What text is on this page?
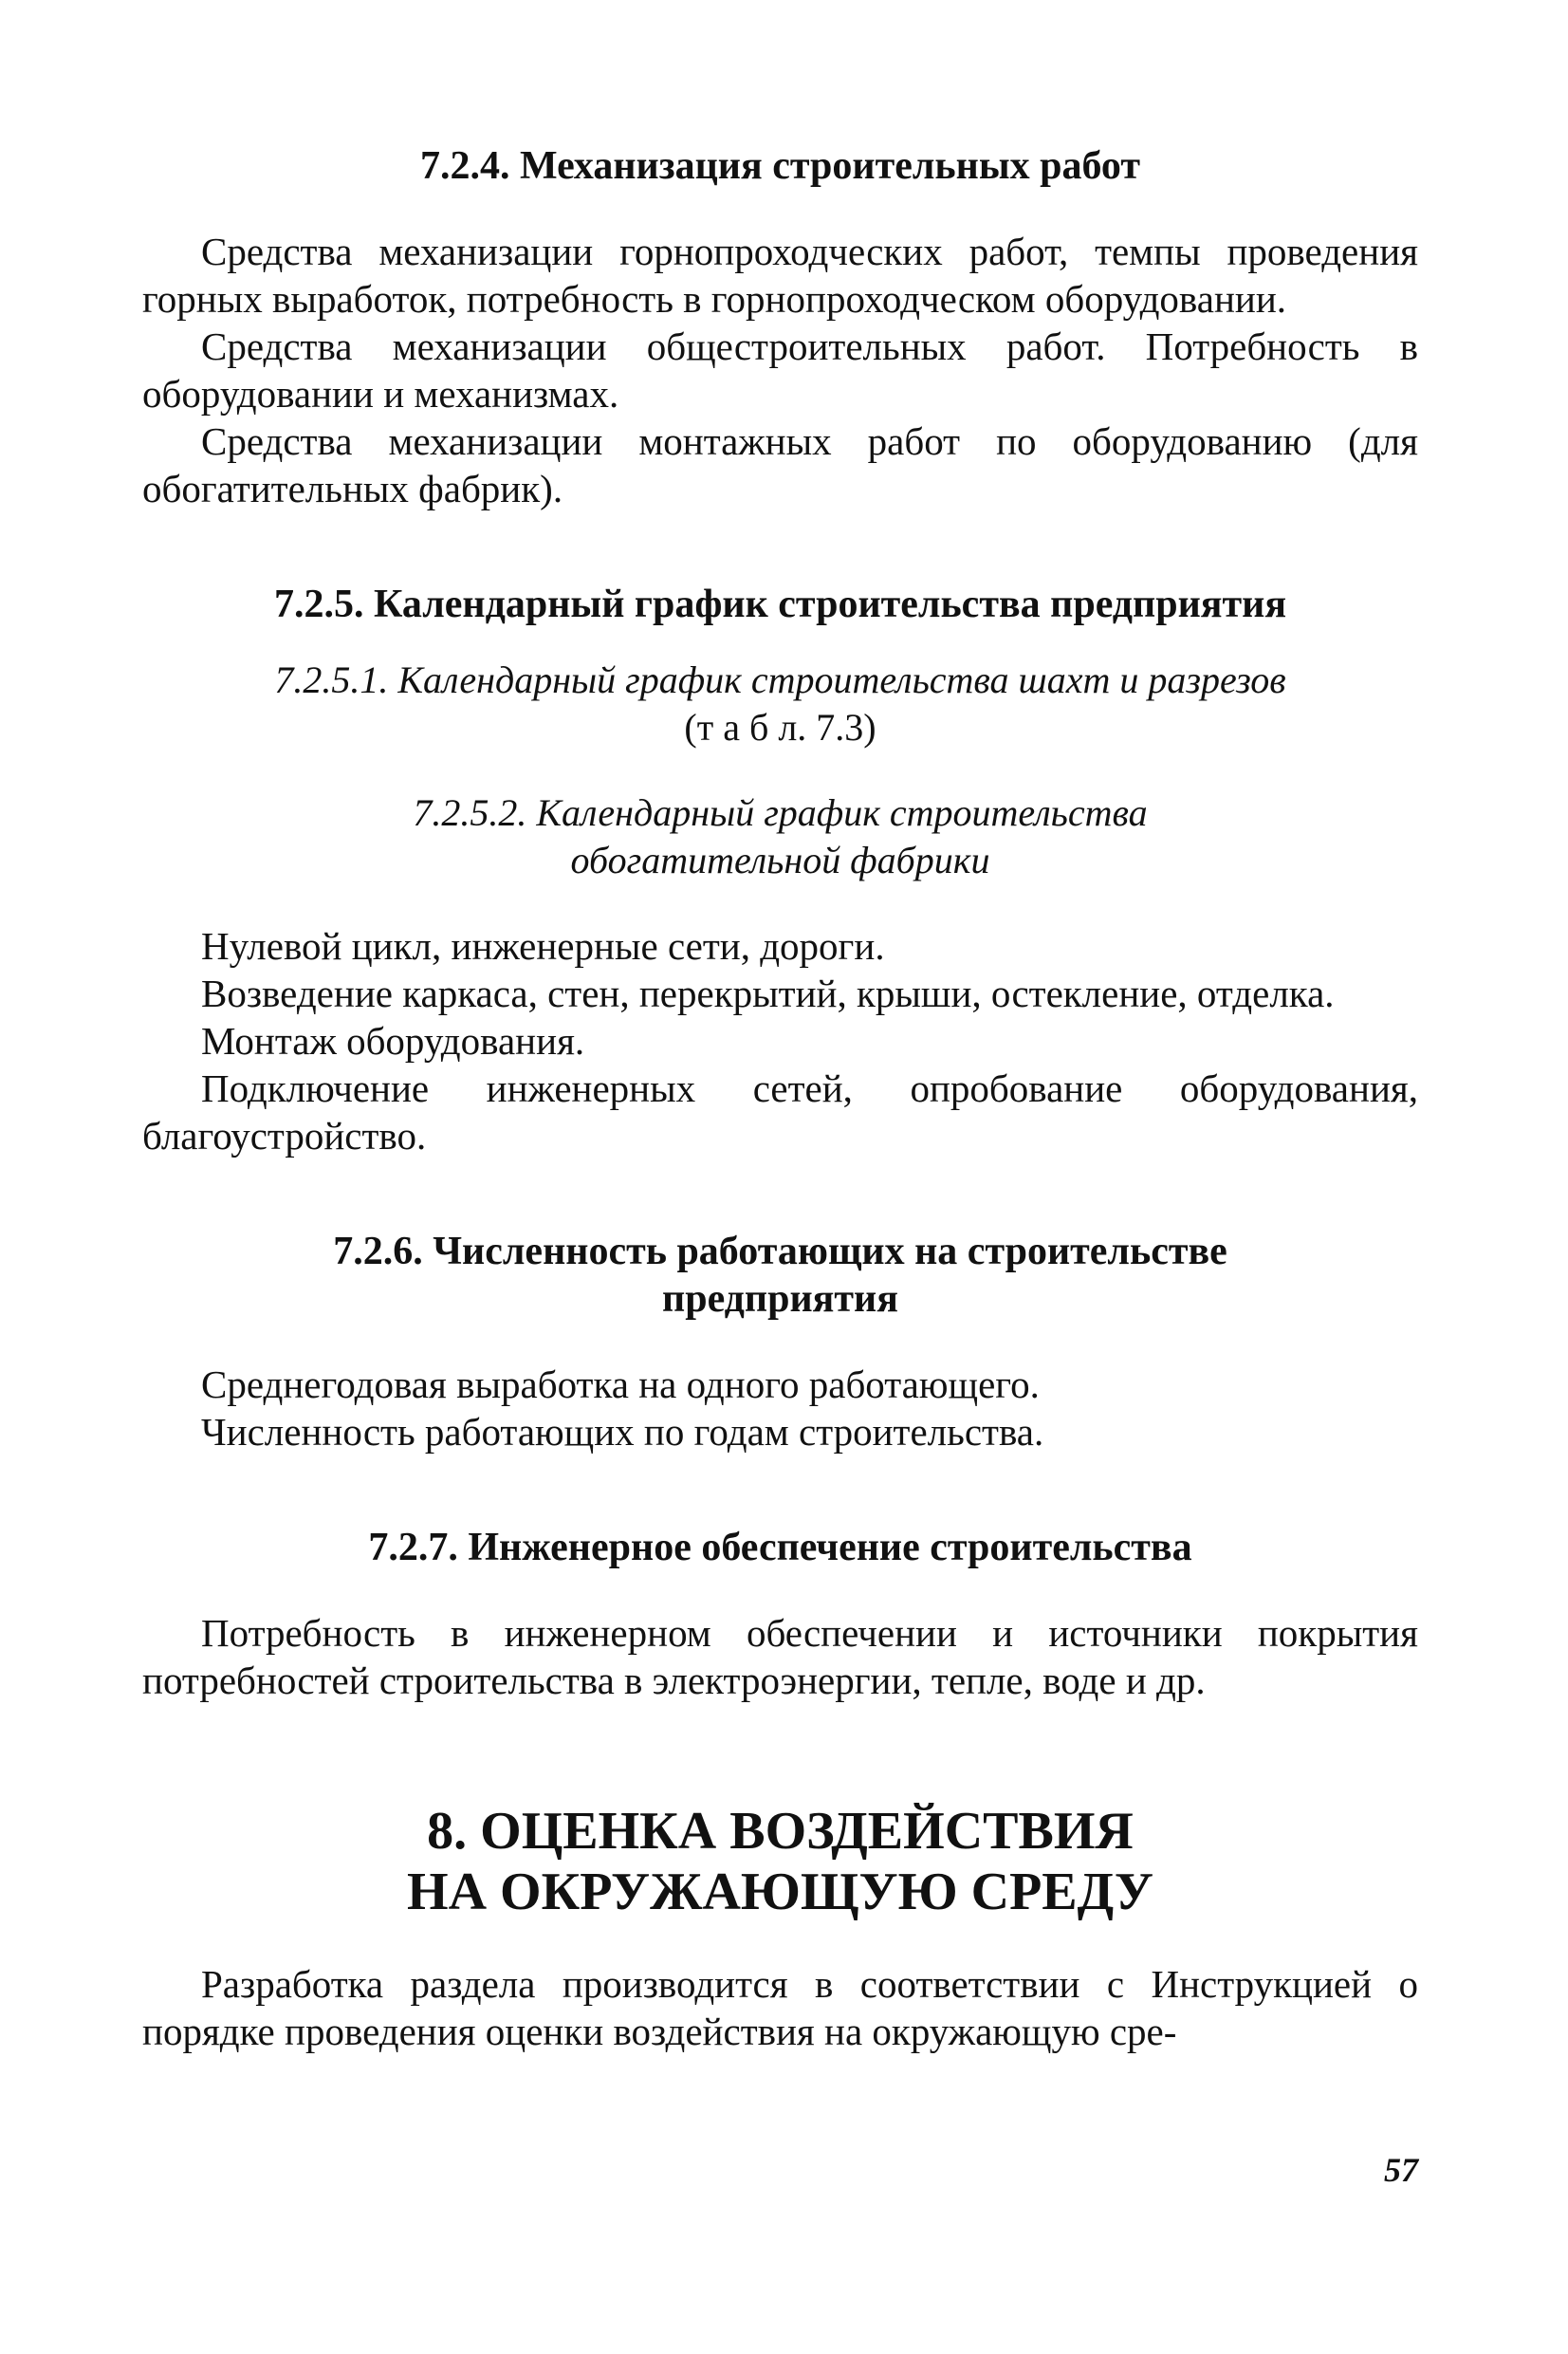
7.2.4. Механизация строительных работ

Средства механизации горнопроходческих работ, темпы проведения горных выработок, потребность в горнопроходческом оборудовании.

Средства механизации общестроительных работ. Потребность в оборудовании и механизмах.

Средства механизации монтажных работ по оборудованию (для обогатительных фабрик).

7.2.5. Календарный график строительства предприятия

7.2.5.1. Календарный график строительства шахт и разрезов

(т а б л. 7.3)

7.2.5.2. Календарный график строительства

обогатительной фабрики

Нулевой цикл, инженерные сети, дороги.

Возведение каркаса, стен, перекрытий, крыши, остекление, отделка.

Монтаж оборудования.

Подключение инженерных сетей, опробование оборудования, благоустройство.

7.2.6. Численность работающих на строительстве

предприятия

Среднегодовая выработка на одного работающего.

Численность работающих по годам строительства.

7.2.7. Инженерное обеспечение строительства

Потребность в инженерном обеспечении и источники покрытия потребностей строительства в электроэнергии, тепле, воде и др.

8. ОЦЕНКА ВОЗДЕЙСТВИЯ

НА ОКРУЖАЮЩУЮ СРЕДУ

Разработка раздела производится в соответствии с Инструкцией о порядке проведения оценки воздействия на окружающую сре-

57
